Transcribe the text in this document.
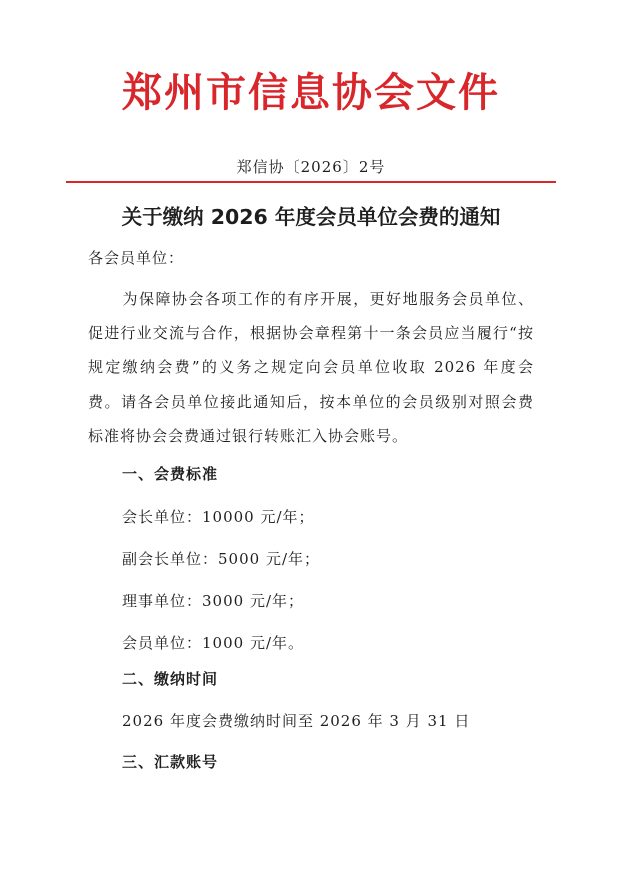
郑州市信息协会文件
郑信协〔2026〕2号
关于缴纳 2026 年度会员单位会费的通知
各会员单位：

为保障协会各项工作的有序开展，更好地服务会员单位、促进行业交流与合作，根据协会章程第十一条会员应当履行“按规定缴纳会费”的义务之规定向会员单位收取 2026 年度会费。请各会员单位接此通知后，按本单位的会员级别对照会费标准将协会会费通过银行转账汇入协会账号。

一、会费标准
会长单位：10000 元/年；
副会长单位：5000 元/年；
理事单位：3000 元/年；
会员单位：1000 元/年。
二、缴纳时间
2026 年度会费缴纳时间至 2026 年 3 月 31 日
三、汇款账号
